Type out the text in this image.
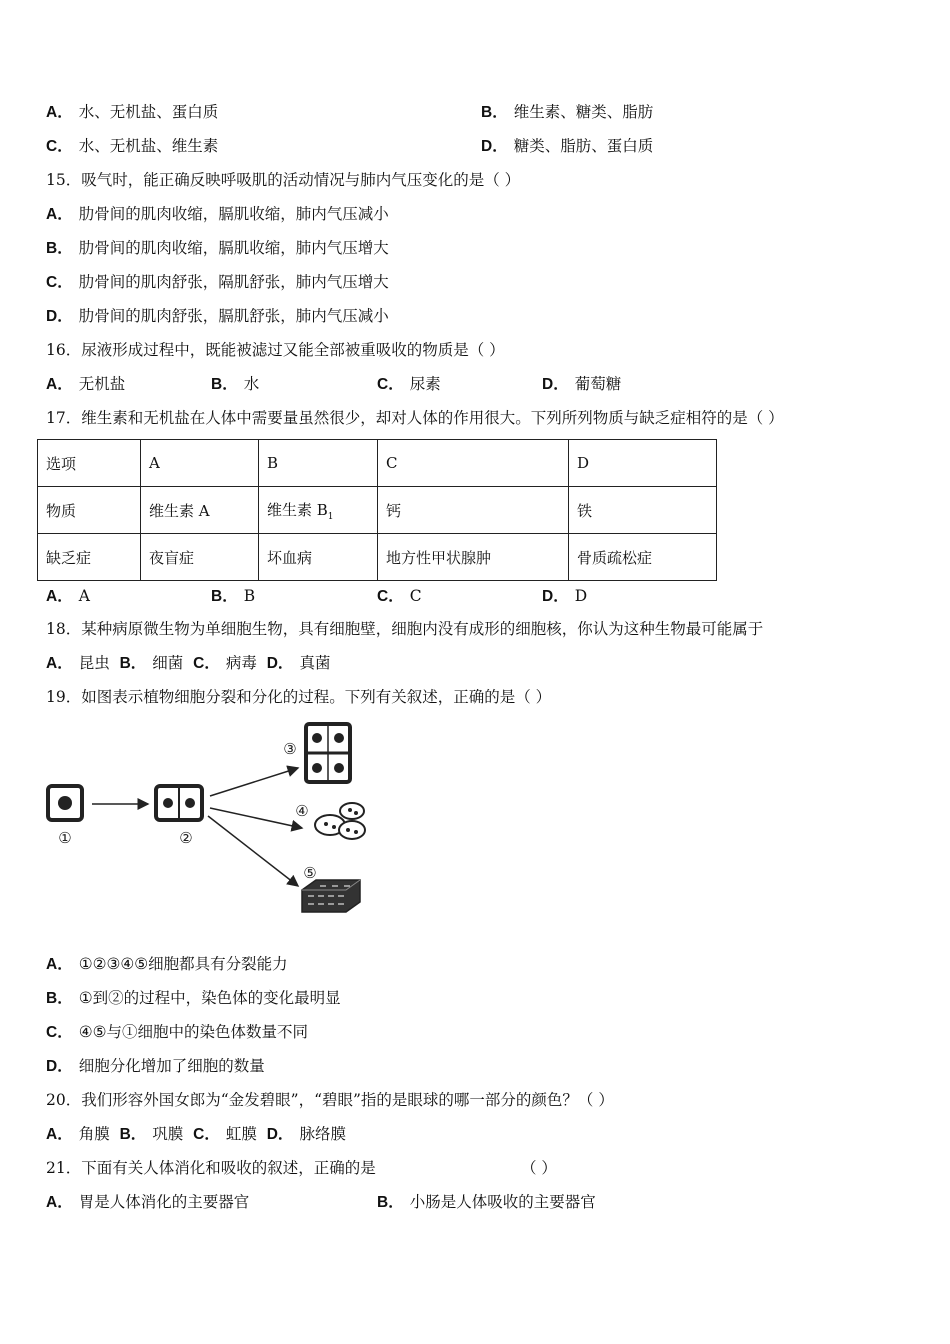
A． 水、无机盐、蛋白质	B． 维生素、糖类、脂肪
C． 水、无机盐、维生素	D． 糖类、脂肪、蛋白质
15．吸气时，能正确反映呼吸肌的活动情况与肺内气压变化的是（ ）
A． 肋骨间的肌肉收缩，膈肌收缩，肺内气压减小
B． 肋骨间的肌肉收缩，膈肌收缩，肺内气压增大
C． 肋骨间的肌肉舒张，隔肌舒张，肺内气压增大
D． 肋骨间的肌肉舒张，膈肌舒张，肺内气压减小
16．尿液形成过程中，既能被滤过又能全部被重吸收的物质是（ ）
A． 无机盐	B． 水	C． 尿素	D． 葡萄糖
17．维生素和无机盐在人体中需要量虽然很少，却对人体的作用很大。下列所列物质与缺乏症相符的是（ ）
选项	A	B	C	D
物质	维生素 A	维生素 $B_1$	钙	铁
缺乏症	夜盲症	坏血病	地方性甲状腺肿	骨质疏松症
A． A	B． B	C． C	D． D
18．某种病原微生物为单细胞生物，具有细胞壁，细胞内没有成形的细胞核，你认为这种生物最可能属于
A． 昆虫 B． 细菌 C． 病毒 D． 真菌
19．如图表示植物细胞分裂和分化的过程。下列有关叙述，正确的是（ ）
①	②
③
④
⑤
A． ①②③④⑤细胞都具有分裂能力
B． ①到②的过程中，染色体的变化最明显
C． ④⑤与①细胞中的染色体数量不同
D． 细胞分化增加了细胞的数量
20．我们形容外国女郎为“金发碧眼”，“碧眼”指的是眼球的哪一部分的颜色？（ ）
A． 角膜 B． 巩膜 C． 虹膜 D． 脉络膜
21．下面有关人体消化和吸收的叙述，正确的是	（ ）
A． 胃是人体消化的主要器官	B． 小肠是人体吸收的主要器官
